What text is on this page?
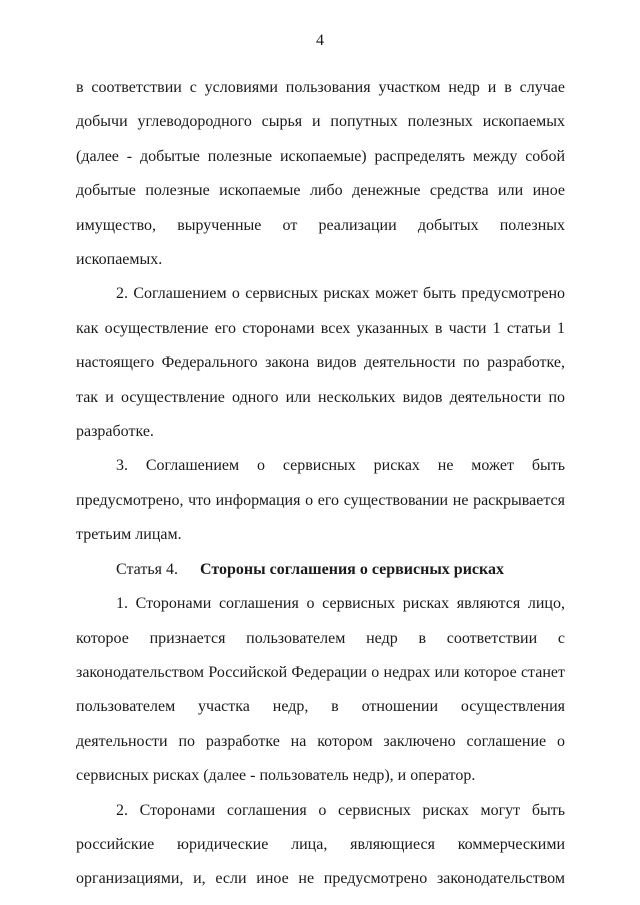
4

в соответствии с условиями пользования участком недр и в случае добычи углеводородного сырья и попутных полезных ископаемых (далее - добытые полезные ископаемые) распределять между собой добытые полезные ископаемые либо денежные средства или иное имущество, вырученные от реализации добытых полезных ископаемых.

2. Соглашением о сервисных рисках может быть предусмотрено как осуществление его сторонами всех указанных в части 1 статьи 1 настоящего Федерального закона видов деятельности по разработке, так и осуществление одного или нескольких видов деятельности по разработке.

3. Соглашением о сервисных рисках не может быть предусмотрено, что информация о его существовании не раскрывается третьим лицам.

Статья 4. Стороны соглашения о сервисных рисках

1. Сторонами соглашения о сервисных рисках являются лицо, которое признается пользователем недр в соответствии с законодательством Российской Федерации о недрах или которое станет пользователем участка недр, в отношении осуществления деятельности по разработке на котором заключено соглашение о сервисных рисках (далее - пользователь недр), и оператор.

2. Сторонами соглашения о сервисных рисках могут быть российские юридические лица, являющиеся коммерческими организациями, и, если иное не предусмотрено законодательством
